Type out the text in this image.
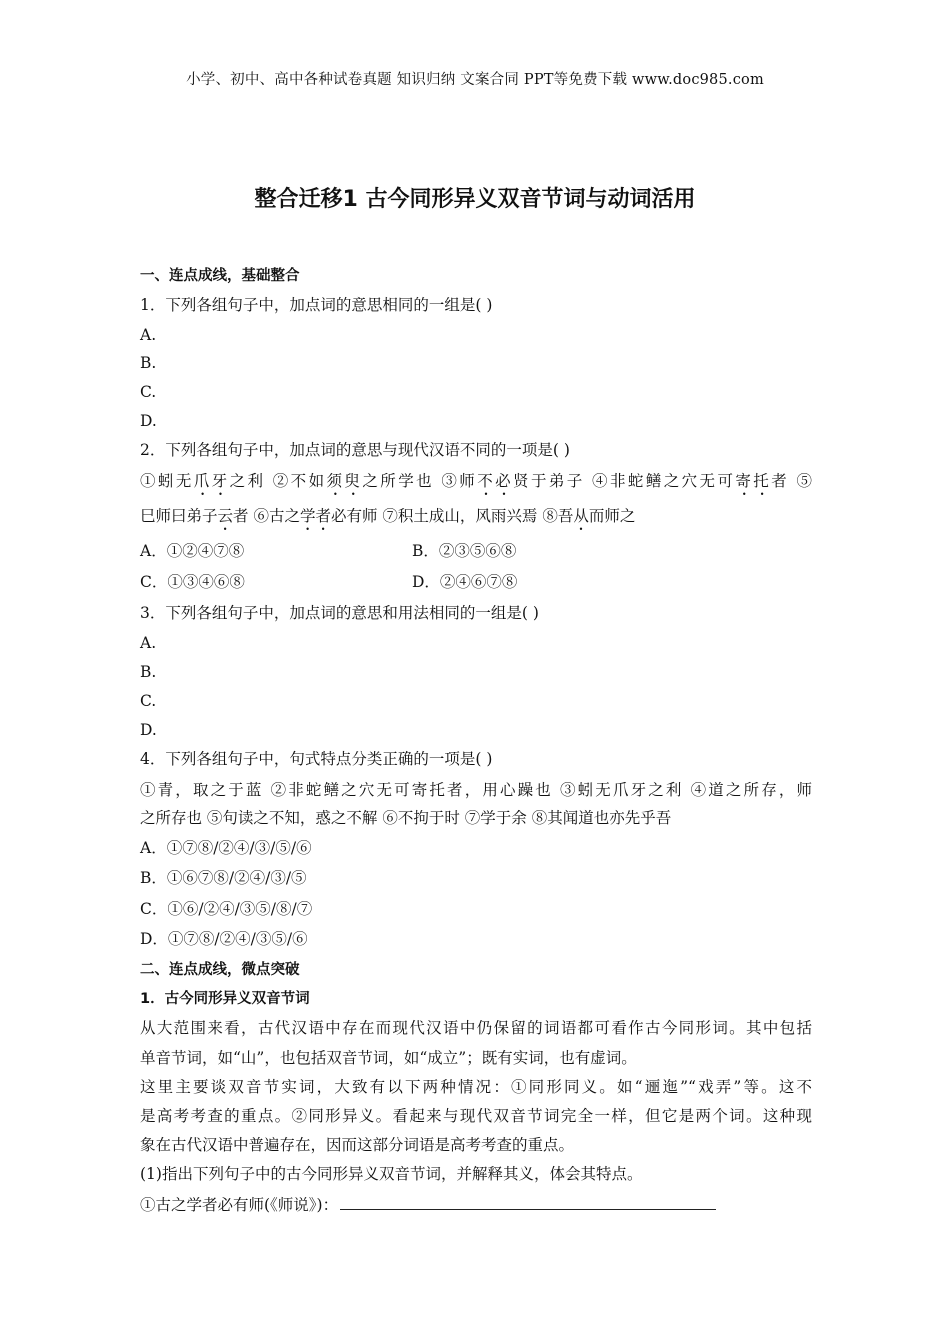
小学、初中、高中各种试卷真题 知识归纳 文案合同 PPT等免费下载 www.doc985.com
整合迁移1 古今同形异义双音节词与动词活用
一、连点成线，基础整合
1．下列各组句子中，加点词的意思相同的一组是( )
A.
B.
C.
D.
2．下列各组句子中，加点词的意思与现代汉语不同的一项是( )
①蚓无爪牙之利 ②不如须臾之所学也 ③师不必贤于弟子 ④非蛇鳝之穴无可寄托者 ⑤
巳师曰弟子云者 ⑥古之学者必有师 ⑦积土成山，风雨兴焉 ⑧吾从而师之
A．①②④⑦⑧	B．②③⑤⑥⑧
C．①③④⑥⑧	D．②④⑥⑦⑧
3．下列各组句子中，加点词的意思和用法相同的一组是( )
A.
B.
C.
D.
4．下列各组句子中，句式特点分类正确的一项是( )
①青，取之于蓝 ②非蛇鳝之穴无可寄托者，用心躁也 ③蚓无爪牙之利 ④道之所存，师
之所存也 ⑤句读之不知，惑之不解 ⑥不拘于时 ⑦学于余 ⑧其闻道也亦先乎吾
A．①⑦⑧/②④/③/⑤/⑥
B．①⑥⑦⑧/②④/③/⑤
C．①⑥/②④/③⑤/⑧/⑦
D．①⑦⑧/②④/③⑤/⑥
二、连点成线，微点突破
1．古今同形异义双音节词
从大范围来看，古代汉语中存在而现代汉语中仍保留的词语都可看作古今同形词。其中包括
单音节词，如“山”，也包括双音节词，如“成立”；既有实词，也有虚词。
这里主要谈双音节实词，大致有以下两种情况：①同形同义。如“逦迤”“戏弄”等。这不
是高考考查的重点。②同形异义。看起来与现代双音节词完全一样，但它是两个词。这种现
象在古代汉语中普遍存在，因而这部分词语是高考考查的重点。
(1)指出下列句子中的古今同形异义双音节词，并解释其义，体会其特点。
①古之学者必有师(《师说》)：
